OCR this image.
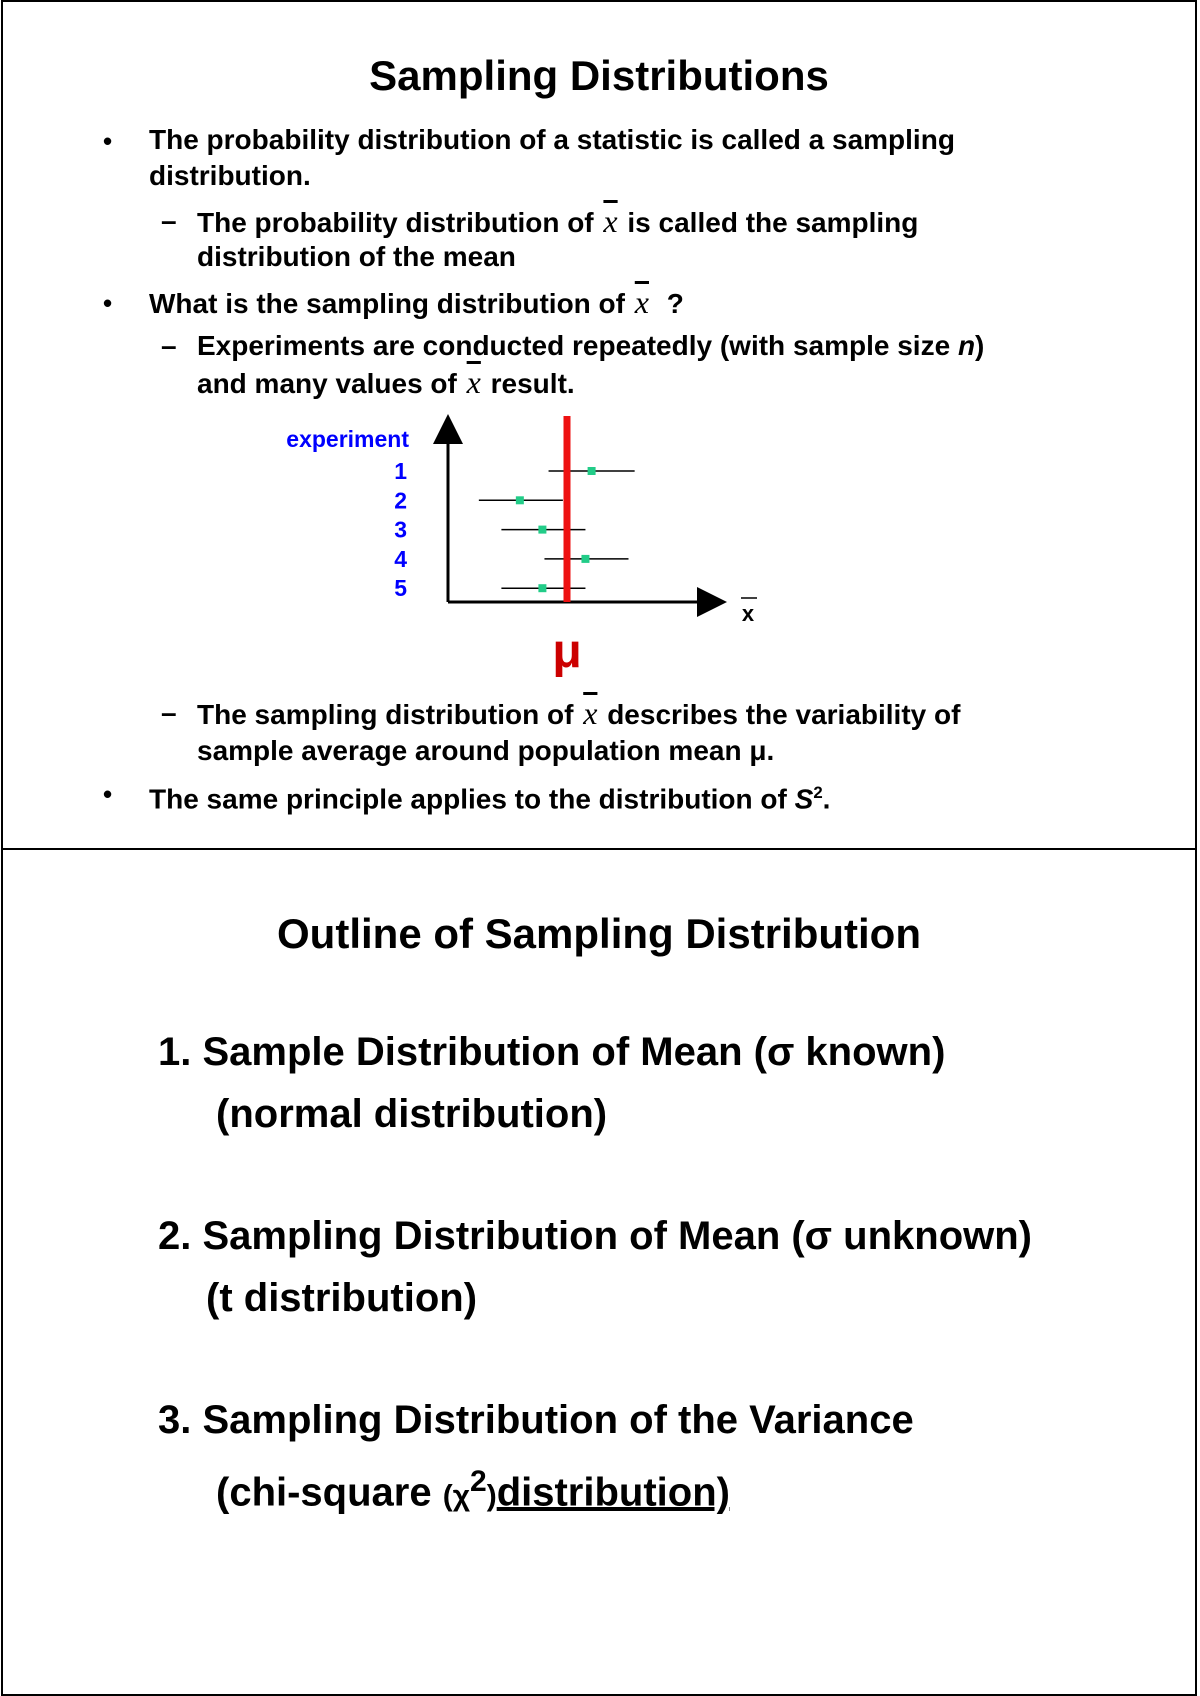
Sampling Distributions
• The probability distribution of a statistic is called a sampling
distribution.
– The probability distribution of $\overline{x}$ is called the sampling
distribution of the mean
• What is the sampling distribution of $\overline{x}$ ?
– Experiments are conducted repeatedly (with sample size n)
and many values of $\overline{x}$ result.
experiment
1
2
3
4
5
μ
x
– The sampling distribution of $\overline{x}$ describes the variability of
sample average around population mean μ.
• The same principle applies to the distribution of $S^2$.
Outline of Sampling Distribution
1. Sample Distribution of Mean (σ known)
(normal distribution)
2. Sampling Distribution of Mean (σ unknown)
(t distribution)
3. Sampling Distribution of the Variance
(chi-square $(\chi^2)distribution$)
